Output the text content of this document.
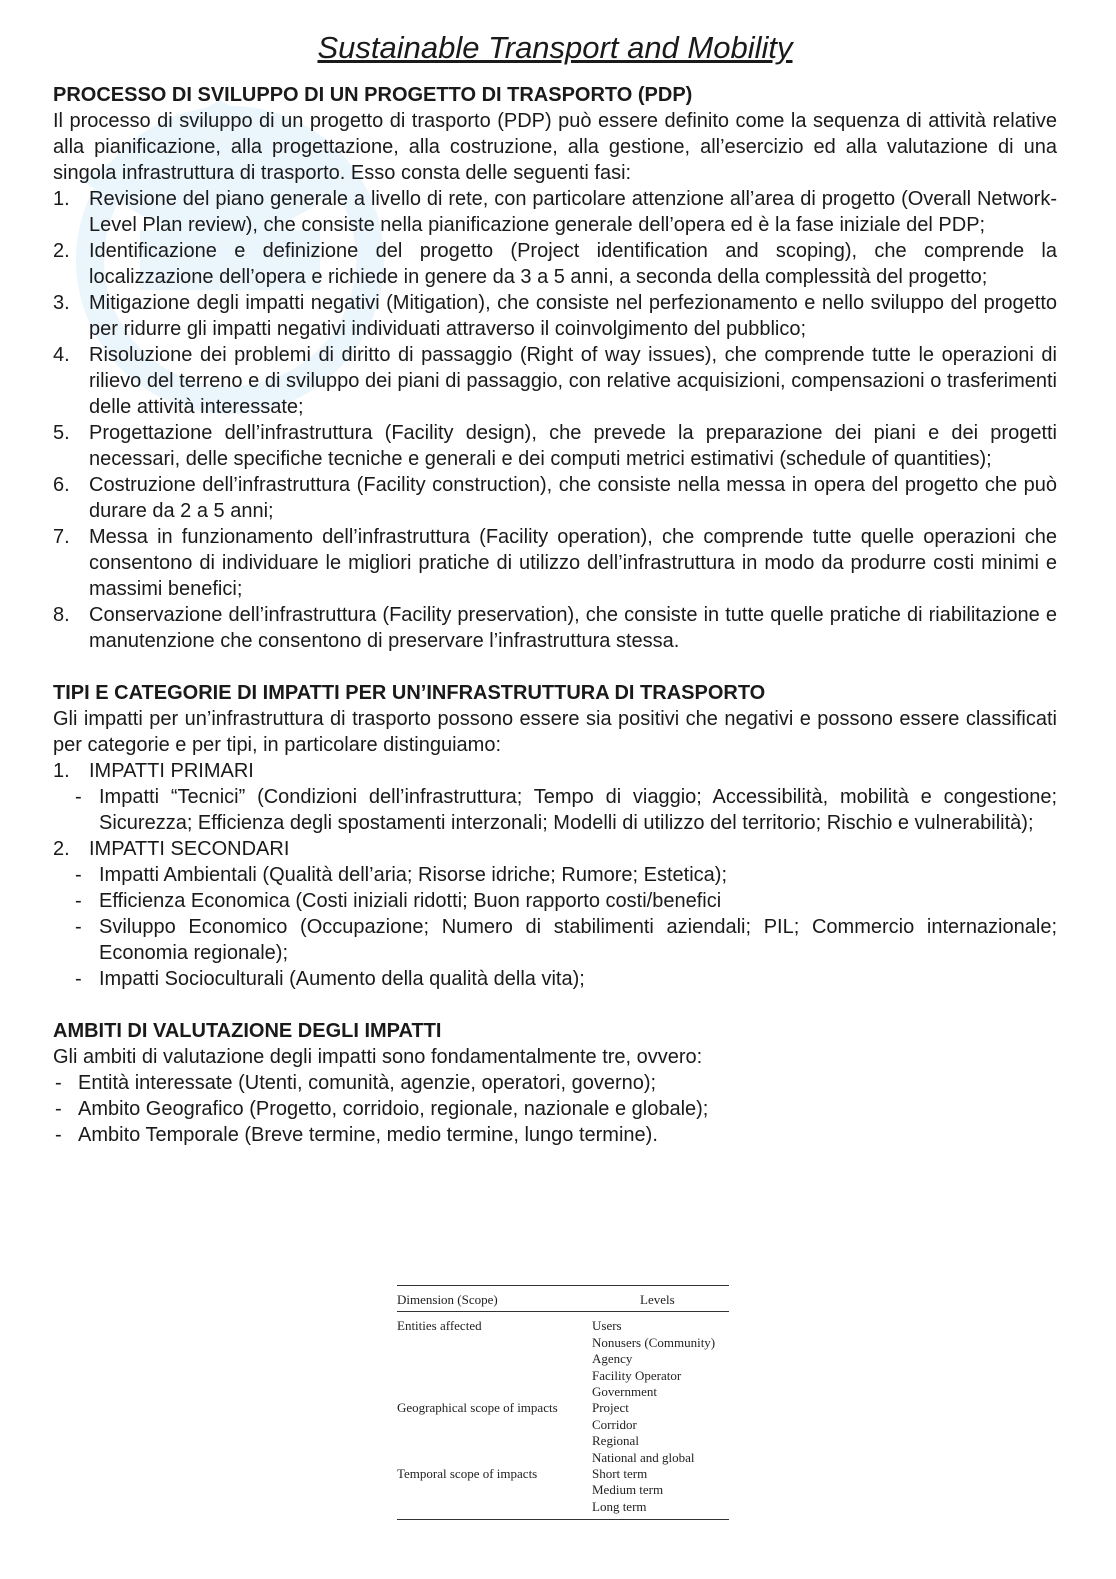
Sustainable Transport and Mobility
PROCESSO DI SVILUPPO DI UN PROGETTO DI TRASPORTO (PDP)

Il processo di sviluppo di un progetto di trasporto (PDP) può essere definito come la sequenza di attività relative alla pianificazione, alla progettazione, alla costruzione, alla gestione, all’esercizio ed alla valutazione di una singola infrastruttura di trasporto. Esso consta delle seguenti fasi:

1. Revisione del piano generale a livello di rete, con particolare attenzione all’area di progetto (Overall Network-Level Plan review), che consiste nella pianificazione generale dell’opera ed è la fase iniziale del PDP;
2. Identificazione e definizione del progetto (Project identification and scoping), che comprende la localizzazione dell’opera e richiede in genere da 3 a 5 anni, a seconda della complessità del progetto;
3. Mitigazione degli impatti negativi (Mitigation), che consiste nel perfezionamento e nello sviluppo del progetto per ridurre gli impatti negativi individuati attraverso il coinvolgimento del pubblico;
4. Risoluzione dei problemi di diritto di passaggio (Right of way issues), che comprende tutte le operazioni di rilievo del terreno e di sviluppo dei piani di passaggio, con relative acquisizioni, compensazioni o trasferimenti delle attività interessate;
5. Progettazione dell’infrastruttura (Facility design), che prevede la preparazione dei piani e dei progetti necessari, delle specifiche tecniche e generali e dei computi metrici estimativi (schedule of quantities);
6. Costruzione dell’infrastruttura (Facility construction), che consiste nella messa in opera del progetto che può durare da 2 a 5 anni;
7. Messa in funzionamento dell’infrastruttura (Facility operation), che comprende tutte quelle operazioni che consentono di individuare le migliori pratiche di utilizzo dell’infrastruttura in modo da produrre costi minimi e massimi benefici;
8. Conservazione dell’infrastruttura (Facility preservation), che consiste in tutte quelle pratiche di riabilitazione e manutenzione che consentono di preservare l’infrastruttura stessa.
TIPI E CATEGORIE DI IMPATTI PER UN’INFRASTRUTTURA DI TRASPORTO

Gli impatti per un’infrastruttura di trasporto possono essere sia positivi che negativi e possono essere classificati per categorie e per tipi, in particolare distinguiamo:

1. IMPATTI PRIMARI
- Impatti “Tecnici” (Condizioni dell’infrastruttura; Tempo di viaggio; Accessibilità, mobilità e congestione; Sicurezza; Efficienza degli spostamenti interzonali; Modelli di utilizzo del territorio; Rischio e vulnerabilità);
2. IMPATTI SECONDARI
- Impatti Ambientali (Qualità dell’aria; Risorse idriche; Rumore; Estetica);
- Efficienza Economica (Costi iniziali ridotti; Buon rapporto costi/benefici
- Sviluppo Economico (Occupazione; Numero di stabilimenti aziendali; PIL; Commercio internazionale; Economia regionale);
- Impatti Socioculturali (Aumento della qualità della vita);
AMBITI DI VALUTAZIONE DEGLI IMPATTI

Gli ambiti di valutazione degli impatti sono fondamentalmente tre, ovvero:

- Entità interessate (Utenti, comunità, agenzie, operatori, governo);
- Ambito Geografico (Progetto, corridoio, regionale, nazionale e globale);
- Ambito Temporale (Breve termine, medio termine, lungo termine).
Dimension (Scope)	Levels
Entities affected	Users
Nonusers (Community)
Agency
Facility Operator
Government
Geographical scope of impacts	Project
Corridor
Regional
National and global
Temporal scope of impacts	Short term
Medium term
Long term
